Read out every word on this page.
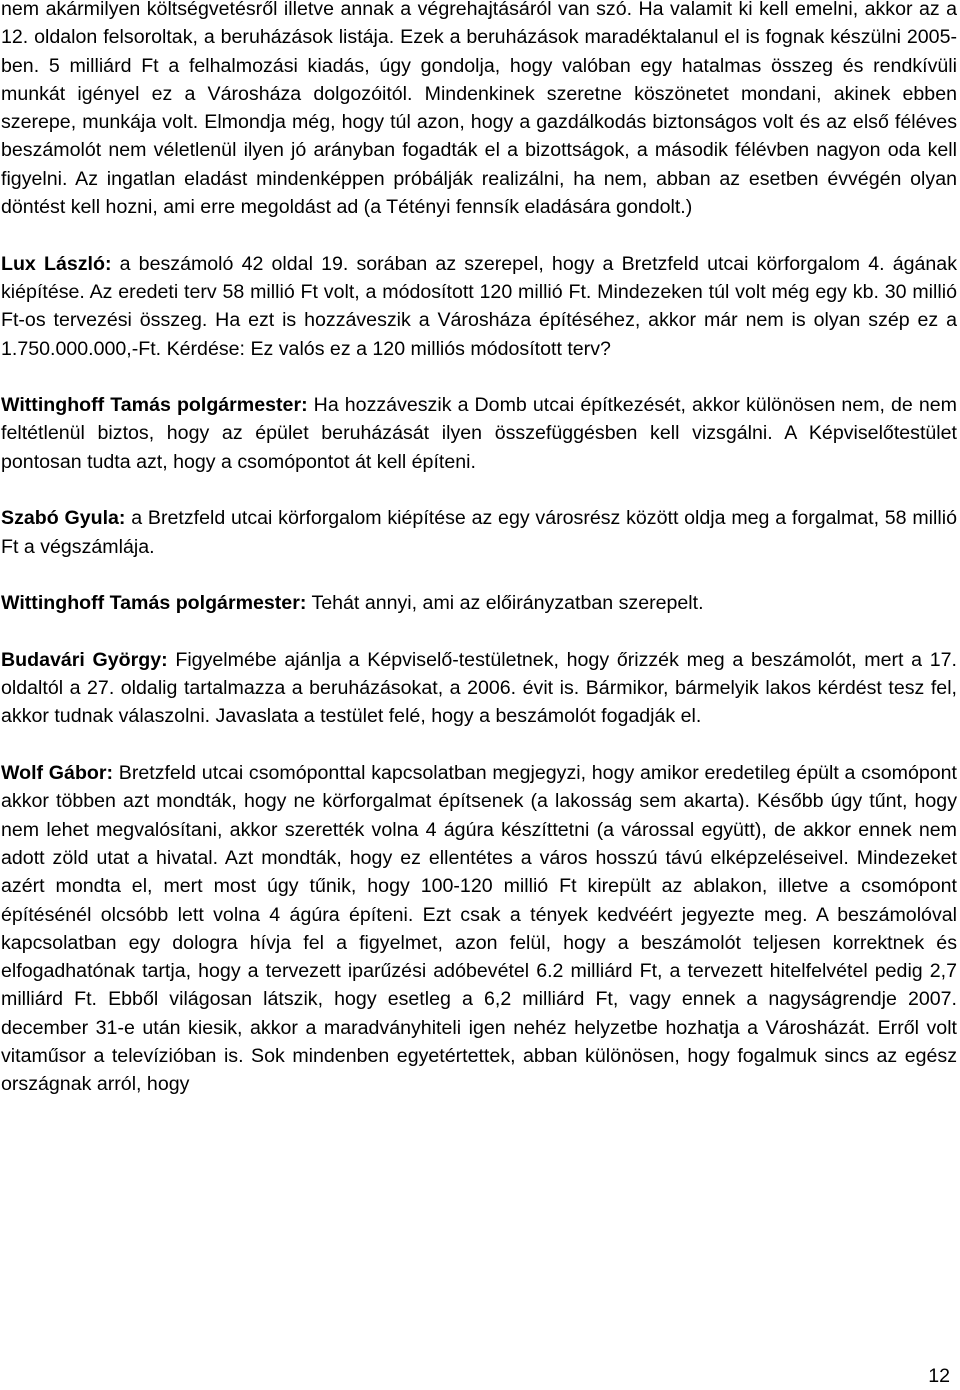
nem akármilyen költségvetésről illetve annak a végrehajtásáról van szó. Ha valamit ki kell emelni, akkor az a 12. oldalon felsoroltak, a beruházások listája. Ezek a beruházások maradéktalanul el is fognak készülni 2005-ben. 5 milliárd Ft a felhalmozási kiadás, úgy gondolja, hogy valóban egy hatalmas összeg és rendkívüli munkát igényel ez a Városháza dolgozóitól. Mindenkinek szeretne köszönetet mondani, akinek ebben szerepe, munkája volt. Elmondja még, hogy túl azon, hogy a gazdálkodás biztonságos volt és az első féléves beszámolót nem véletlenül ilyen jó arányban fogadták el a bizottságok, a második félévben nagyon oda kell figyelni. Az ingatlan eladást mindenképpen próbálják realizálni, ha nem, abban az esetben évvégén olyan döntést kell hozni, ami erre megoldást ad (a Tétényi fennsík eladására gondolt.)

Lux László: a beszámoló 42 oldal 19. sorában az szerepel, hogy a Bretzfeld utcai körforgalom 4. ágának kiépítése. Az eredeti terv 58 millió Ft volt, a módosított 120 millió Ft. Mindezeken túl volt még egy kb. 30 millió Ft-os tervezési összeg. Ha ezt is hozzáveszik a Városháza építéséhez, akkor már nem is olyan szép ez a 1.750.000.000,-Ft. Kérdése: Ez valós ez a 120 milliós módosított terv?

Wittinghoff Tamás polgármester: Ha hozzáveszik a Domb utcai építkezését, akkor különösen nem, de nem feltétlenül biztos, hogy az épület beruházását ilyen összefüggésben kell vizsgálni. A Képviselőtestület pontosan tudta azt, hogy a csomópontot át kell építeni.

Szabó Gyula: a Bretzfeld utcai körforgalom kiépítése az egy városrész között oldja meg a forgalmat, 58 millió Ft a végszámlája.

Wittinghoff Tamás polgármester: Tehát annyi, ami az előirányzatban szerepelt.

Budavári György: Figyelmébe ajánlja a Képviselő-testületnek, hogy őrizzék meg a beszámolót, mert a 17. oldaltól a 27. oldalig tartalmazza a beruházásokat, a 2006. évit is. Bármikor, bármelyik lakos kérdést tesz fel, akkor tudnak válaszolni. Javaslata a testület felé, hogy a beszámolót fogadják el.

Wolf Gábor: Bretzfeld utcai csomóponttal kapcsolatban megjegyzi, hogy amikor eredetileg épült a csomópont akkor többen azt mondták, hogy ne körforgalmat építsenek (a lakosság sem akarta). Később úgy tűnt, hogy nem lehet megvalósítani, akkor szerették volna 4 ágúra készíttetni (a várossal együtt), de akkor ennek nem adott zöld utat a hivatal. Azt mondták, hogy ez ellentétes a város hosszú távú elképzeléseivel. Mindezeket azért mondta el, mert most úgy tűnik, hogy 100-120 millió Ft kirepült az ablakon, illetve a csomópont építésénél olcsóbb lett volna 4 ágúra építeni. Ezt csak a tények kedvéért jegyezte meg. A beszámolóval kapcsolatban egy dologra hívja fel a figyelmet, azon felül, hogy a beszámolót teljesen korrektnek és elfogadhatónak tartja, hogy a tervezett iparűzési adóbevétel 6.2 milliárd Ft, a tervezett hitelfelvétel pedig 2,7 milliárd Ft. Ebből világosan látszik, hogy esetleg a 6,2 milliárd Ft, vagy ennek a nagyságrendje 2007. december 31-e után kiesik, akkor a maradványhiteli igen nehéz helyzetbe hozhatja a Városházát. Erről volt vitaműsor a televízióban is. Sok mindenben egyetértettek, abban különösen, hogy fogalmuk sincs az egész országnak arról, hogy

12
